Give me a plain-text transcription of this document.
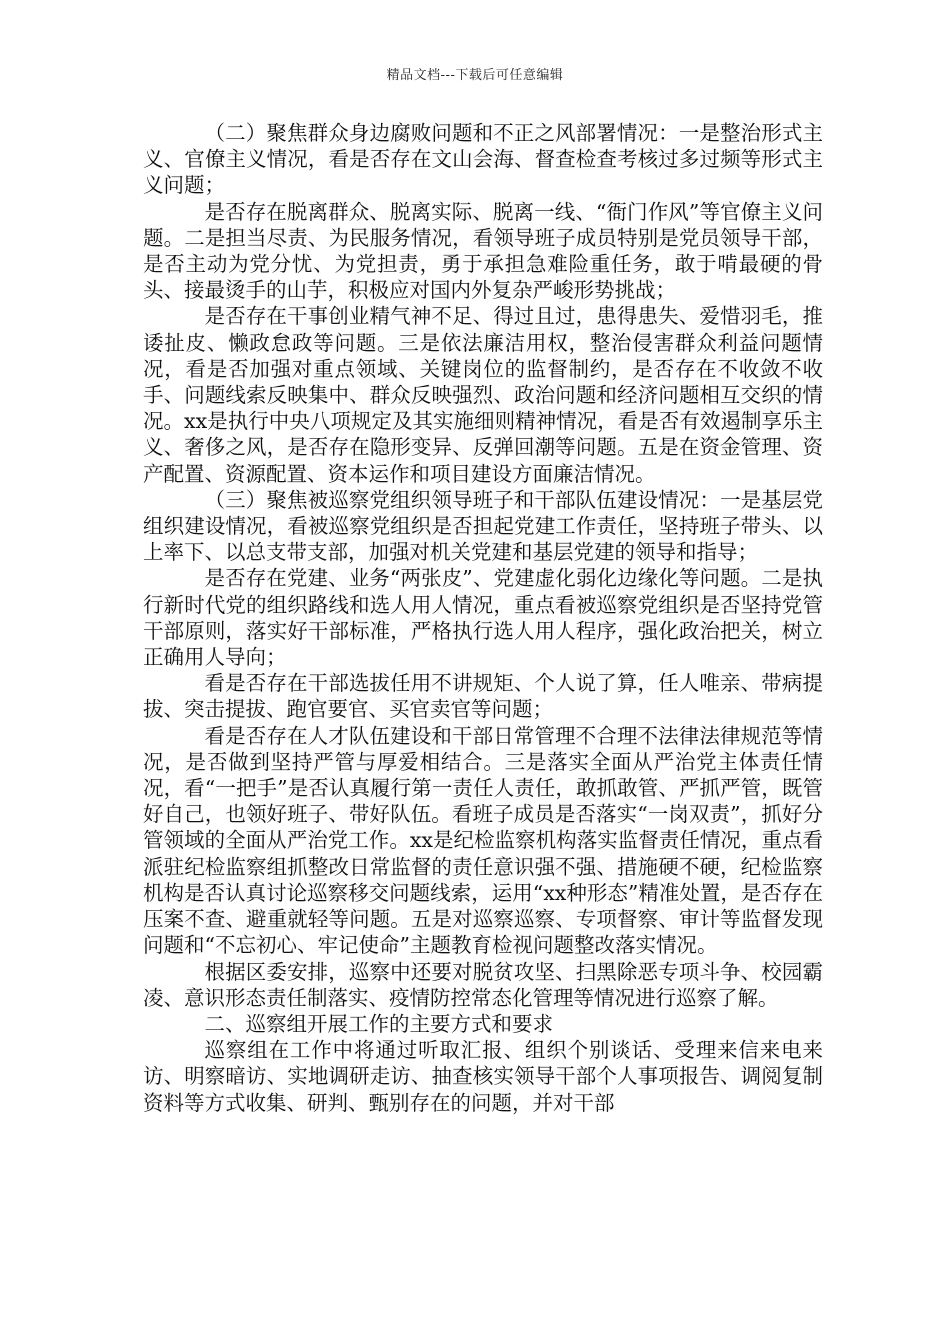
精品文档---下载后可任意编辑

（二）聚焦群众身边腐败问题和不正之风部署情况：一是整治形式主义、官僚主义情况，看是否存在文山会海、督查检查考核过多过频等形式主义问题；

是否存在脱离群众、脱离实际、脱离一线、“衙门作风”等官僚主义问题。二是担当尽责、为民服务情况，看领导班子成员特别是党员领导干部，是否主动为党分忧、为党担责，勇于承担急难险重任务，敢于啃最硬的骨头、接最烫手的山芋，积极应对国内外复杂严峻形势挑战；

是否存在干事创业精气神不足、得过且过，患得患失、爱惜羽毛，推诿扯皮、懒政怠政等问题。三是依法廉洁用权，整治侵害群众利益问题情况，看是否加强对重点领域、关键岗位的监督制约，是否存在不收敛不收手、问题线索反映集中、群众反映强烈、政治问题和经济问题相互交织的情况。xx是执行中央八项规定及其实施细则精神情况，看是否有效遏制享乐主义、奢侈之风，是否存在隐形变异、反弹回潮等问题。五是在资金管理、资产配置、资源配置、资本运作和项目建设方面廉洁情况。

（三）聚焦被巡察党组织领导班子和干部队伍建设情况：一是基层党组织建设情况，看被巡察党组织是否担起党建工作责任，坚持班子带头、以上率下、以总支带支部，加强对机关党建和基层党建的领导和指导；

是否存在党建、业务“两张皮”、党建虚化弱化边缘化等问题。二是执行新时代党的组织路线和选人用人情况，重点看被巡察党组织是否坚持党管干部原则，落实好干部标准，严格执行选人用人程序，强化政治把关，树立正确用人导向；

看是否存在干部选拔任用不讲规矩、个人说了算，任人唯亲、带病提拔、突击提拔、跑官要官、买官卖官等问题；

看是否存在人才队伍建设和干部日常管理不合理不法律法律规范等情况，是否做到坚持严管与厚爱相结合。三是落实全面从严治党主体责任情况，看“一把手”是否认真履行第一责任人责任，敢抓敢管、严抓严管，既管好自己，也领好班子、带好队伍。看班子成员是否落实“一岗双责”，抓好分管领域的全面从严治党工作。xx是纪检监察机构落实监督责任情况，重点看派驻纪检监察组抓整改日常监督的责任意识强不强、措施硬不硬，纪检监察机构是否认真讨论巡察移交问题线索，运用“xx种形态”精准处置，是否存在压案不查、避重就轻等问题。五是对巡察巡察、专项督察、审计等监督发现问题和“不忘初心、牢记使命”主题教育检视问题整改落实情况。

根据区委安排，巡察中还要对脱贫攻坚、扫黑除恶专项斗争、校园霸凌、意识形态责任制落实、疫情防控常态化管理等情况进行巡察了解。

二、巡察组开展工作的主要方式和要求

巡察组在工作中将通过听取汇报、组织个别谈话、受理来信来电来访、明察暗访、实地调研走访、抽查核实领导干部个人事项报告、调阅复制资料等方式收集、研判、甄别存在的问题，并对干部
